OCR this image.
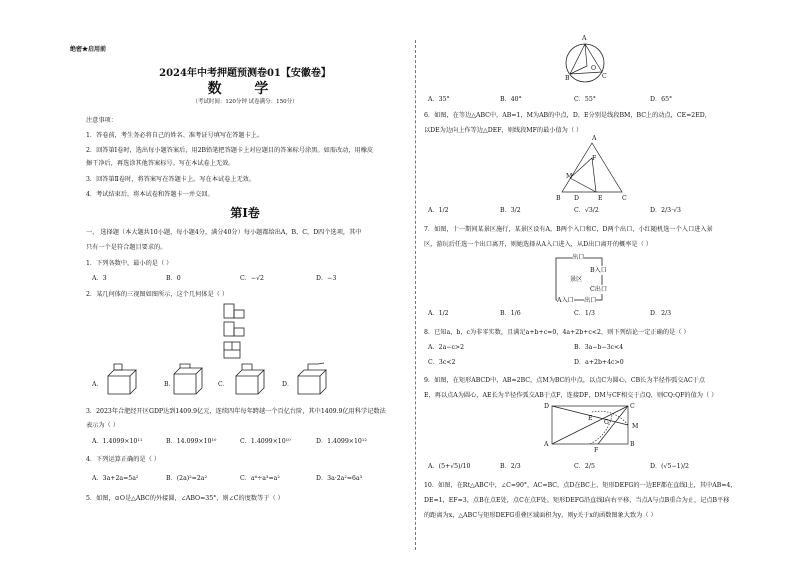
绝密★启用前
2024年中考押题预测卷01【安徽卷】
数 学
（考试时间：120分钟 试卷满分：150分）
注意事项：
1．答卷前，考生务必将自己的姓名、准考证号填写在答题卡上。
2．回答第Ⅰ卷时，选出每小题答案后，用2B铅笔把答题卡上对应题目的答案标号涂黑。如需改动，用橡皮
擦干净后，再选涂其他答案标号。写在本试卷上无效。
3．回答第Ⅱ卷时，将答案写在答题卡上。写在本试卷上无效。
4．考试结束后，将本试卷和答题卡一并交回。
第Ⅰ卷
一、 选择题（本大题共10小题，每小题4分，满分40分）每小题都给出A，B，C，D四个选项，其中
只有一个是符合题目要求的。
1．下列各数中，最小的是（ ）
A．3	B．0	C．−√2	D．−3
2．某几何体的三视图如图所示，这个几何体是（ ）
A．	B．	C．	D．
3．2023年合肥经开区GDP达到1409.9亿元，连续四年每年跨越一个百亿台阶，其中1409.9亿用科学记数法
表示为（ ）
A．1.4099×10¹¹	B．14.099×10¹⁰	C．1.4099×10¹⁰	D．1.4099×10¹²
4．下列运算正确的是（ ）
A．3a+2a=5a²	B．(2a)²=2a²	C．a⁶÷a³=a²	D．3a·2a²=6a³
5．如图，⊙O是△ABC的外接圆，∠ABO=35°，则∠C的度数等于（ ）
A
B	C
O
A．35°	B．40°	C．55°	D．65°
6．如图，在等边△ABC中，AB=1，M为AB的中点，D，E分别是线段BM，BC上的动点，CE=2ED，
以DE为边向上作等边△DEF，则线段MF的最小值为（ ）
A
M
F
B D	E	C
A．1/2	B．3/2	C．√3/2	D．2/3·√3
7．如图，十一期间某景区施行，某景区设有A，B两个入口和C，D两个出口，小红随机选一个入口进入景
区，游玩后任选一个出口离开，则她选择从A入口进入，从D出口离开的概率是（ ）
出口
B入口
景区
C出口
A入口 出口
A．1/2	B．1/6	C．1/3	D．2/3
8．已知a，b，c为非零实数，且满足a+b+c=0，4a+2b+c<2，则下列结论一定正确的是（ ）
A．2a−c>2	B．3a−b−3c<4
C．3c<2	D．a+2b+4c>0
9．如图，在矩形ABCD中，AB=2BC，点M为BC的中点，以点C为圆心，CB长为半径作弧交AC于点
E，再以点A为圆心，AE长为半径作弧交AB于点F，连接DF，DM与CF相交于点Q，则CQ:QF的值为（ ）
D	C
E
M
G
A
F
B
A．(5+√5)/10	B．2/3	C．2/5	D．(√5−1)/2
10．如图，在Rt△ABC中，∠C=90°，AC=BC，点D在BC上，矩形DEFG的一边EF都在直线l上，其中AB=4，
DE=1，EF=3，点B在点E处，点C在点F处。矩形DEFG沿直线l向右平移，当点A与点B重合为止，记点B平移
的距离为x，△ABC与矩形DEFG重叠区域面积为y，则y关于x的函数图象大致为（ ）
